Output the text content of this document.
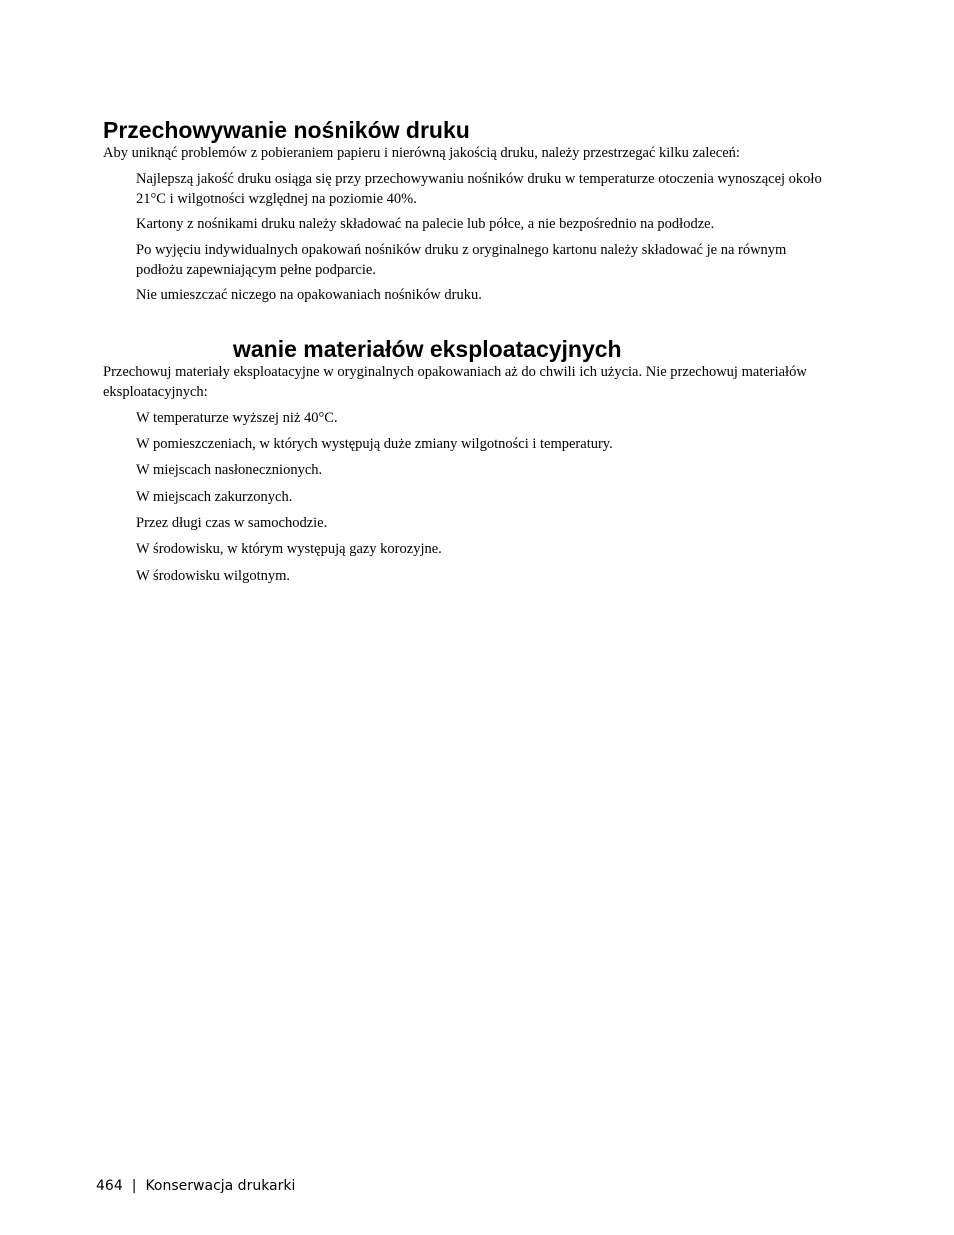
Przechowywanie nośników druku

Aby uniknąć problemów z pobieraniem papieru i nierówną jakością druku, należy przestrzegać kilku zaleceń:

Najlepszą jakość druku osiąga się przy przechowywaniu nośników druku w temperaturze otoczenia wynoszącej około 21°C i wilgotności względnej na poziomie 40%.

Kartony z nośnikami druku należy składować na palecie lub półce, a nie bezpośrednio na podłodze.

Po wyjęciu indywidualnych opakowań nośników druku z oryginalnego kartonu należy składować je na równym podłożu zapewniającym pełne podparcie.

Nie umieszczać niczego na opakowaniach nośników druku.

wanie materiałów eksploatacyjnych

Przechowuj materiały eksploatacyjne w oryginalnych opakowaniach aż do chwili ich użycia. Nie przechowuj materiałów eksploatacyjnych:

W temperaturze wyższej niż 40°C.

W pomieszczeniach, w których występują duże zmiany wilgotności i temperatury.

W miejscach nasłonecznionych.

W miejscach zakurzonych.

Przez długi czas w samochodzie.

W środowisku, w którym występują gazy korozyjne.

W środowisku wilgotnym.

464 | Konserwacja drukarki
